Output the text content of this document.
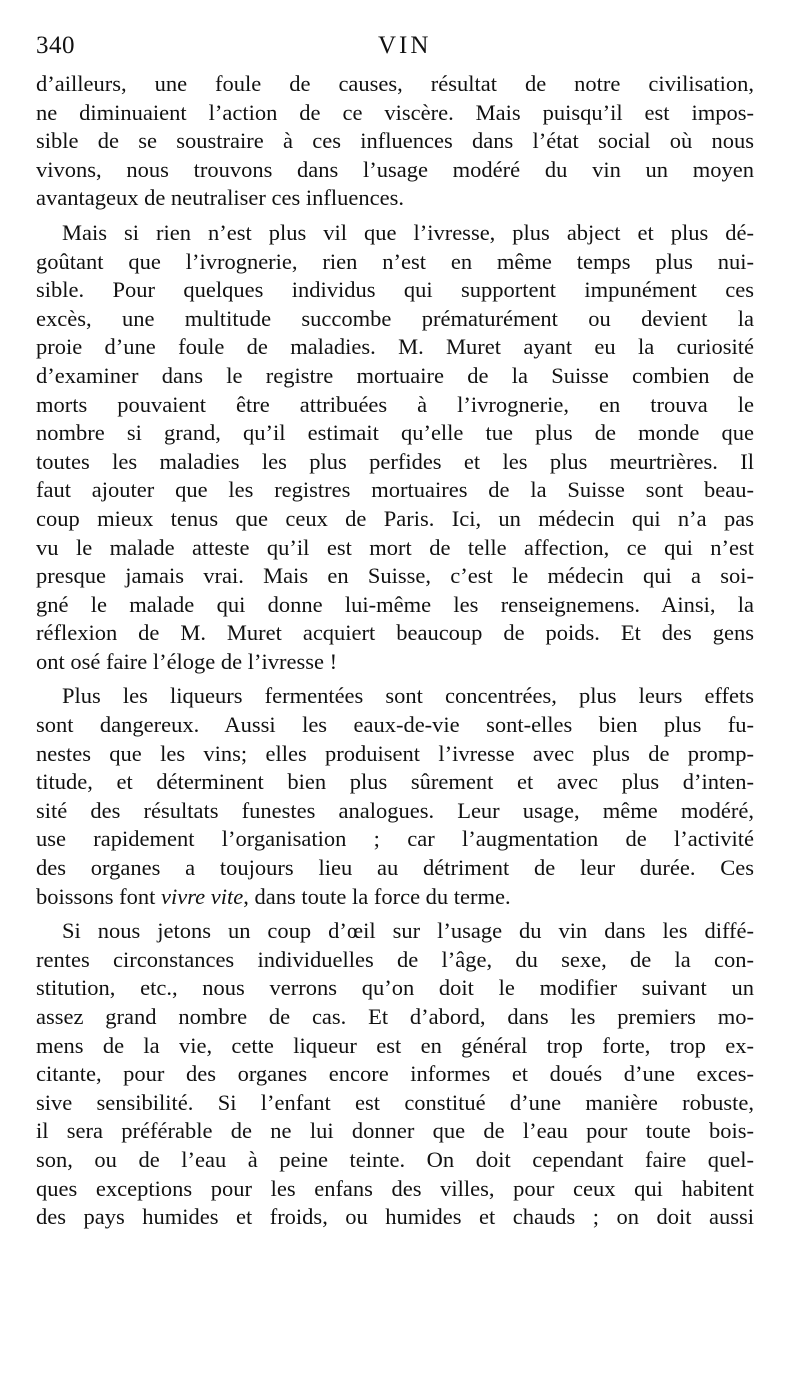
340	VIN
d’ailleurs, une foule de causes, résultat de notre civilisation,
ne diminuaient l’action de ce viscère. Mais puisqu’il est impos-
sible de se soustraire à ces influences dans l’état social où nous
vivons, nous trouvons dans l’usage modéré du vin un moyen
avantageux de neutraliser ces influences.
Mais si rien n’est plus vil que l’ivresse, plus abject et plus dé-
goûtant que l’ivrognerie, rien n’est en même temps plus nui-
sible. Pour quelques individus qui supportent impunément ces
excès, une multitude succombe prématurément ou devient la
proie d’une foule de maladies. M. Muret ayant eu la curiosité
d’examiner dans le registre mortuaire de la Suisse combien de
morts pouvaient être attribuées à l’ivrognerie, en trouva le
nombre si grand, qu’il estimait qu’elle tue plus de monde que
toutes les maladies les plus perfides et les plus meurtrières. Il
faut ajouter que les registres mortuaires de la Suisse sont beau-
coup mieux tenus que ceux de Paris. Ici, un médecin qui n’a pas
vu le malade atteste qu’il est mort de telle affection, ce qui n’est
presque jamais vrai. Mais en Suisse, c’est le médecin qui a soi-
gné le malade qui donne lui-même les renseignemens. Ainsi, la
réflexion de M. Muret acquiert beaucoup de poids. Et des gens
ont osé faire l’éloge de l’ivresse !
Plus les liqueurs fermentées sont concentrées, plus leurs effets
sont dangereux. Aussi les eaux-de-vie sont-elles bien plus fu-
nestes que les vins; elles produisent l’ivresse avec plus de promp-
titude, et déterminent bien plus sûrement et avec plus d’inten-
sité des résultats funestes analogues. Leur usage, même modéré,
use rapidement l’organisation ; car l’augmentation de l’activité
des organes a toujours lieu au détriment de leur durée. Ces
boissons font vivre vite, dans toute la force du terme.
Si nous jetons un coup d’œil sur l’usage du vin dans les diffé-
rentes circonstances individuelles de l’âge, du sexe, de la con-
stitution, etc., nous verrons qu’on doit le modifier suivant un
assez grand nombre de cas. Et d’abord, dans les premiers mo-
mens de la vie, cette liqueur est en général trop forte, trop ex-
citante, pour des organes encore informes et doués d’une exces-
sive sensibilité. Si l’enfant est constitué d’une manière robuste,
il sera préférable de ne lui donner que de l’eau pour toute bois-
son, ou de l’eau à peine teinte. On doit cependant faire quel-
ques exceptions pour les enfans des villes, pour ceux qui habitent
des pays humides et froids, ou humides et chauds ; on doit aussi
